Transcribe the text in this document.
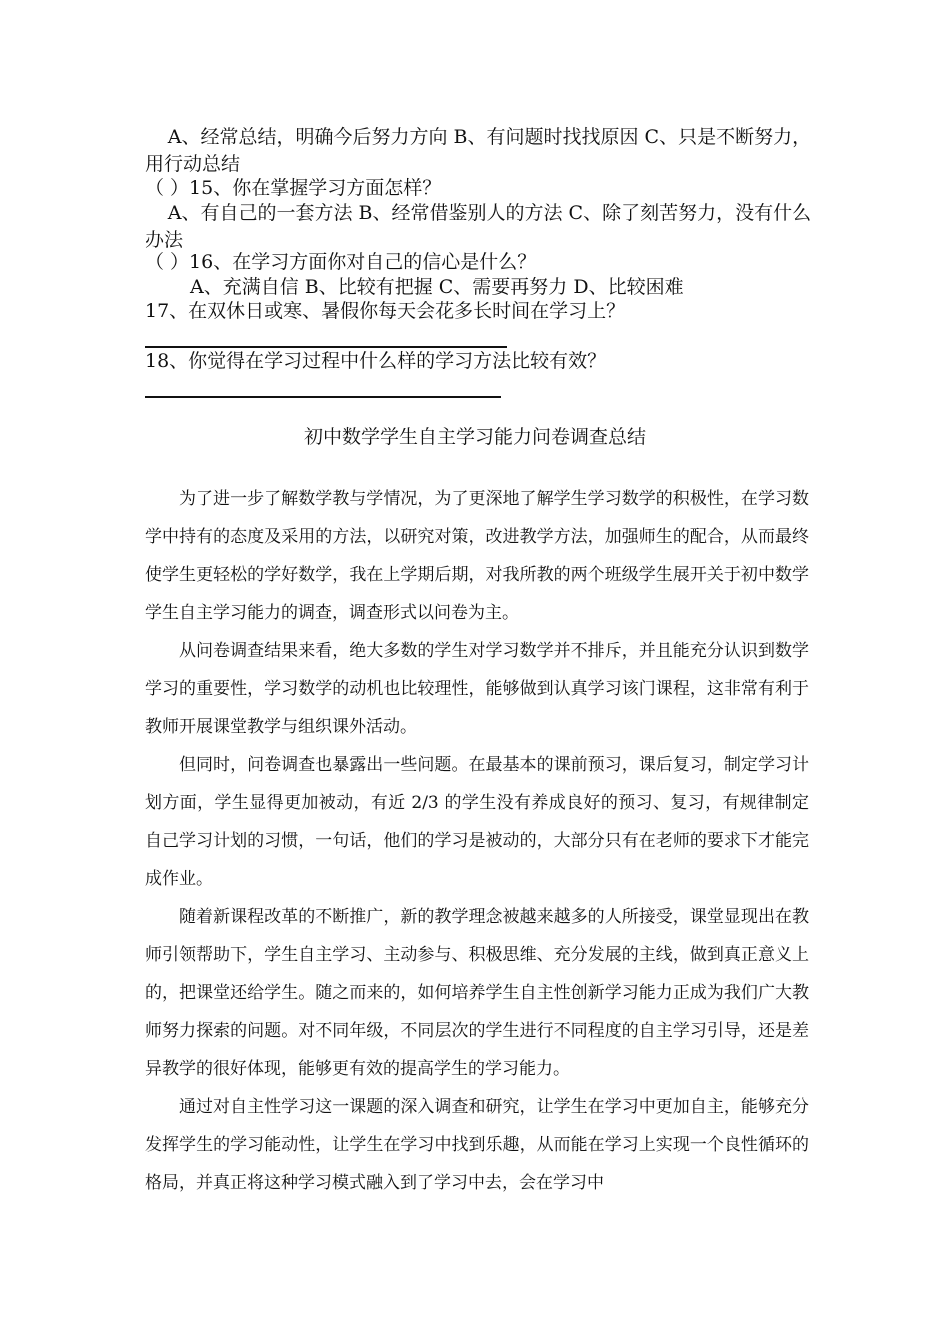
A、经常总结，明确今后努力方向 B、有问题时找找原因 C、只是不断努力，用行动总结
（ ）15、你在掌握学习方面怎样？
A、有自己的一套方法 B、经常借鉴别人的方法 C、除了刻苦努力，没有什么办法
（ ）16、在学习方面你对自己的信心是什么？
A、充满自信 B、比较有把握 C、需要再努力 D、比较困难
17、在双休日或寒、暑假你每天会花多长时间在学习上？
18、你觉得在学习过程中什么样的学习方法比较有效？
初中数学学生自主学习能力问卷调查总结

为了进一步了解数学教与学情况，为了更深地了解学生学习数学的积极性，在学习数学中持有的态度及采用的方法，以研究对策，改进教学方法，加强师生的配合，从而最终使学生更轻松的学好数学，我在上学期后期，对我所教的两个班级学生展开关于初中数学学生自主学习能力的调查，调查形式以问卷为主。

从问卷调查结果来看，绝大多数的学生对学习数学并不排斥，并且能充分认识到数学学习的重要性，学习数学的动机也比较理性，能够做到认真学习该门课程，这非常有利于教师开展课堂教学与组织课外活动。

但同时，问卷调查也暴露出一些问题。在最基本的课前预习，课后复习，制定学习计划方面，学生显得更加被动，有近 2/3 的学生没有养成良好的预习、复习，有规律制定自己学习计划的习惯，一句话，他们的学习是被动的，大部分只有在老师的要求下才能完成作业。

随着新课程改革的不断推广，新的教学理念被越来越多的人所接受，课堂显现出在教师引领帮助下，学生自主学习、主动参与、积极思维、充分发展的主线，做到真正意义上的，把课堂还给学生。随之而来的，如何培养学生自主性创新学习能力正成为我们广大教师努力探索的问题。对不同年级，不同层次的学生进行不同程度的自主学习引导，还是差异教学的很好体现，能够更有效的提高学生的学习能力。

通过对自主性学习这一课题的深入调查和研究，让学生在学习中更加自主，能够充分发挥学生的学习能动性，让学生在学习中找到乐趣，从而能在学习上实现一个良性循环的格局，并真正将这种学习模式融入到了学习中去，会在学习中
